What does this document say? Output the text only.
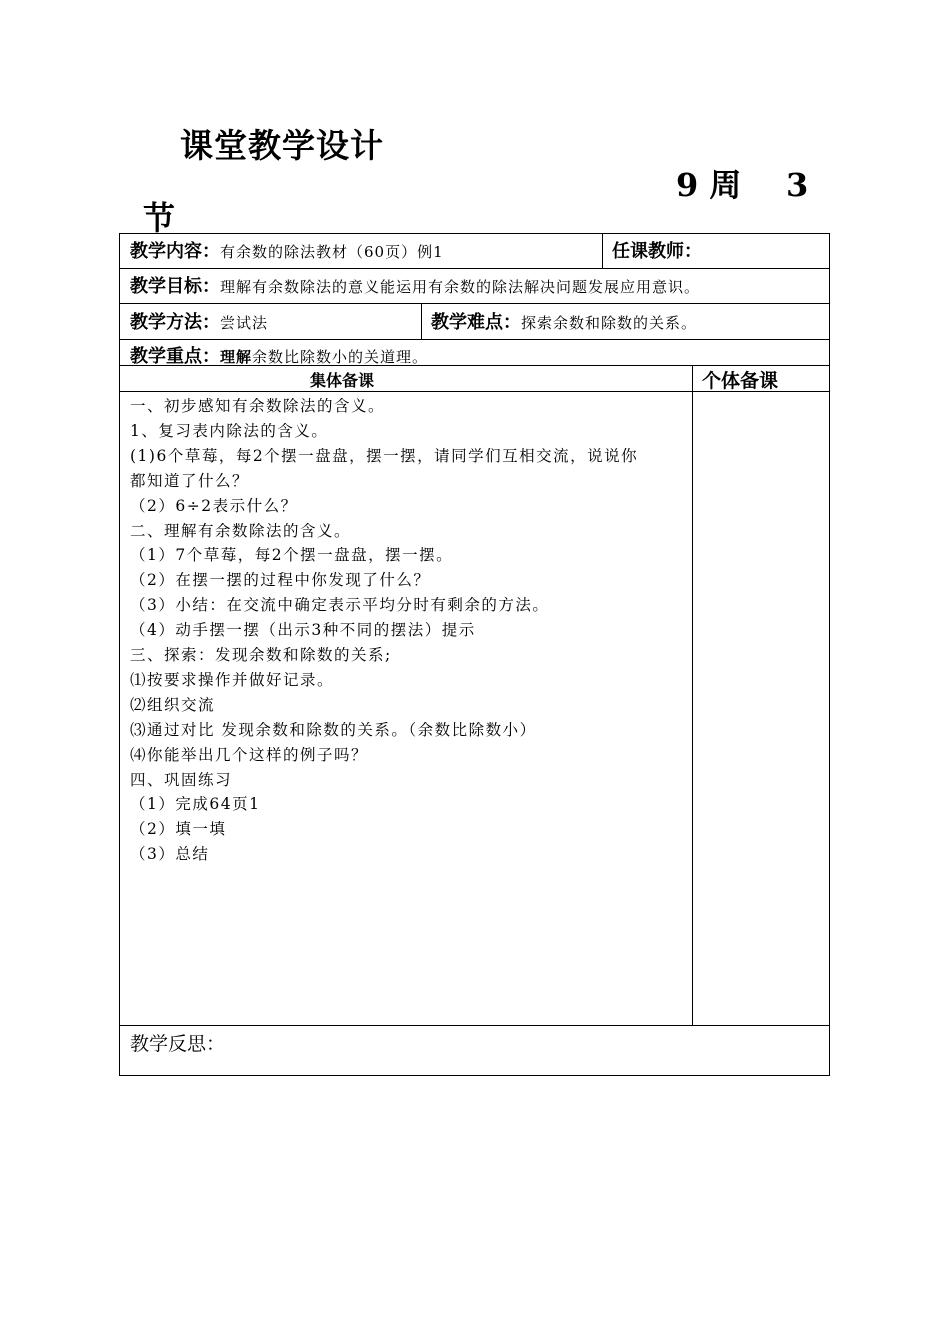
课堂教学设计
9 周    3
节
教学内容：有余数的除法教材（60页）例1	任课教师：
教学目标：理解有余数除法的意义能运用有余数的除法解决问题发展应用意识。
教学方法：尝试法	教学难点：探索余数和除数的关系。
教学重点：理解余数比除数小的关道理。
集体备课	个体备课
一、初步感知有余数除法的含义。
1、复习表内除法的含义。
(1)6个草莓，每2个摆一盘盘，摆一摆，请同学们互相交流，说说你
都知道了什么？
（2）6÷2表示什么？
二、理解有余数除法的含义。
（1）7个草莓，每2个摆一盘盘，摆一摆。
（2）在摆一摆的过程中你发现了什么？
（3）小结：在交流中确定表示平均分时有剩余的方法。
（4）动手摆一摆（出示3种不同的摆法）提示
三、探索：发现余数和除数的关系;
⑴按要求操作并做好记录。
⑵组织交流
⑶通过对比 发现余数和除数的关系。（余数比除数小）
⑷你能举出几个这样的例子吗？
四、巩固练习
（1）完成64页1
（2）填一填
（3）总结
教学反思：
